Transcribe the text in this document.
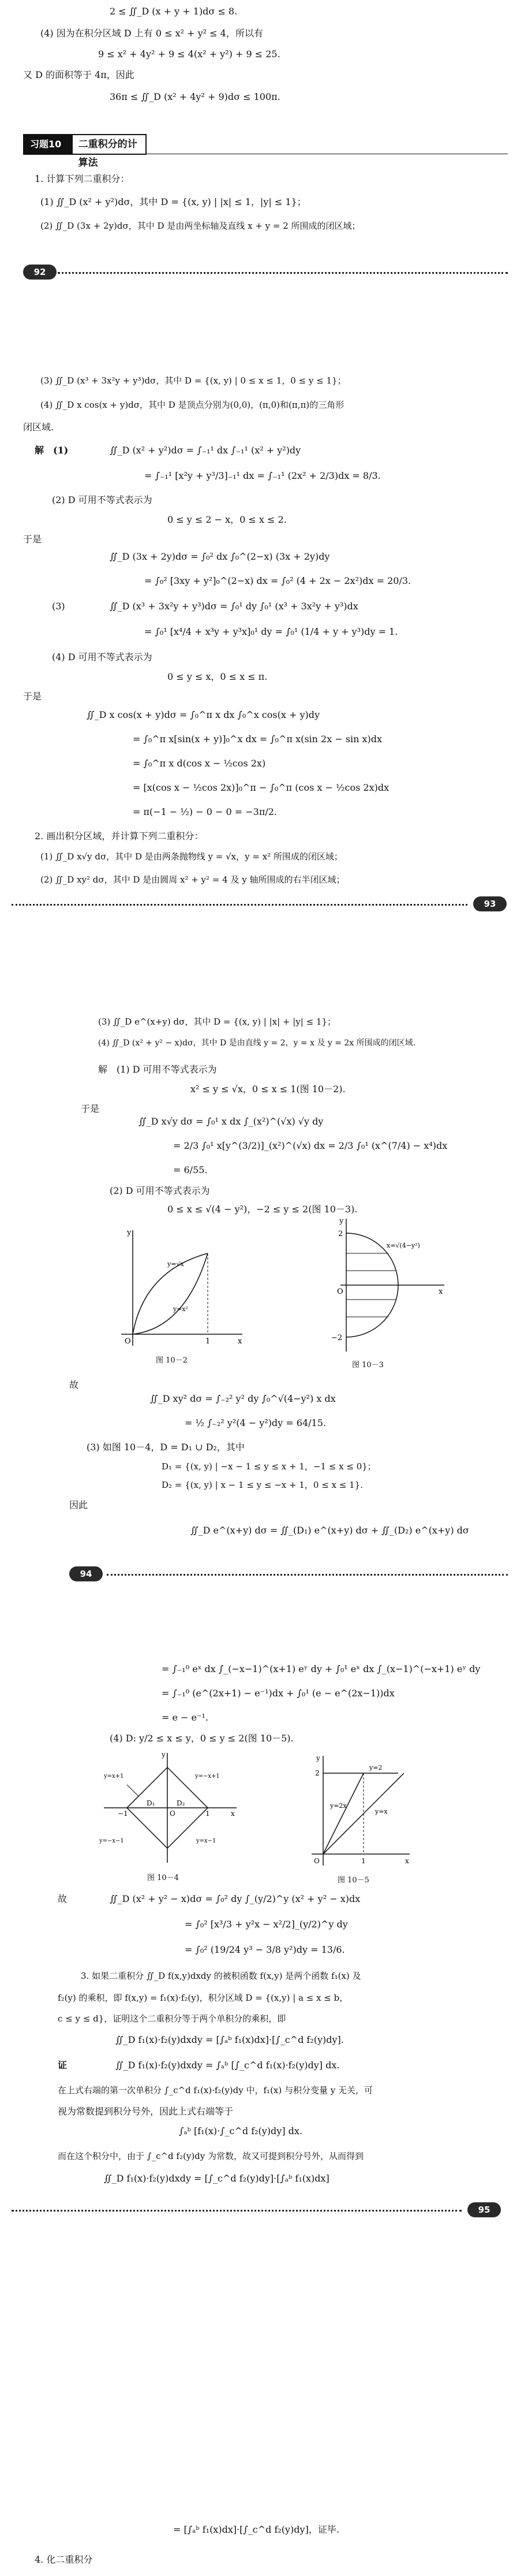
2 ≤ ∬_D (x + y + 1)dσ ≤ 8.
(4) 因为在积分区域 D 上有 0 ≤ x² + y² ≤ 4，所以有
9 ≤ x² + 4y² + 9 ≤ 4(x² + y²) + 9 ≤ 25.
又 D 的面积等于 4π，因此
36π ≤ ∬_D (x² + 4y² + 9)dσ ≤ 100π.
习题10－2
二重积分的计算法
1. 计算下列二重积分：
(1) ∬_D (x² + y²)dσ，其中 D = {(x, y) | |x| ≤ 1，|y| ≤ 1}；
(2) ∬_D (3x + 2y)dσ，其中 D 是由两坐标轴及直线 x + y = 2 所围成的闭区域；
92
(3) ∬_D (x³ + 3x²y + y³)dσ，其中 D = {(x, y) | 0 ≤ x ≤ 1，0 ≤ y ≤ 1}；
(4) ∬_D x cos(x + y)dσ，其中 D 是顶点分别为(0,0)，(π,0)和(π,π)的三角形
闭区域.
解　(1)	∬_D (x² + y²)dσ = ∫₋₁¹ dx ∫₋₁¹ (x² + y²)dy
= ∫₋₁¹ [x²y + y³/3]₋₁¹ dx = ∫₋₁¹ (2x² + 2/3)dx = 8/3.
(2) D 可用不等式表示为
0 ≤ y ≤ 2 − x，0 ≤ x ≤ 2.
于是
∬_D (3x + 2y)dσ = ∫₀² dx ∫₀^(2−x) (3x + 2y)dy
= ∫₀² [3xy + y²]₀^(2−x) dx = ∫₀² (4 + 2x − 2x²)dx = 20/3.
(3)	∬_D (x³ + 3x²y + y³)dσ = ∫₀¹ dy ∫₀¹ (x³ + 3x²y + y³)dx
= ∫₀¹ [x⁴/4 + x³y + y³x]₀¹ dy = ∫₀¹ (1/4 + y + y³)dy = 1.
(4) D 可用不等式表示为
0 ≤ y ≤ x，0 ≤ x ≤ π.
于是
∬_D x cos(x + y)dσ = ∫₀^π x dx ∫₀^x cos(x + y)dy
= ∫₀^π x[sin(x + y)]₀^x dx = ∫₀^π x(sin 2x − sin x)dx
= ∫₀^π x d(cos x − ½cos 2x)
= [x(cos x − ½cos 2x)]₀^π − ∫₀^π (cos x − ½cos 2x)dx
= π(−1 − ½) − 0 − 0 = −3π/2.
2. 画出积分区域，并计算下列二重积分：
(1) ∬_D x√y dσ，其中 D 是由两条抛物线 y = √x，y = x² 所围成的闭区域；
(2) ∬_D xy² dσ，其中 D 是由圆周 x² + y² = 4 及 y 轴所围成的右半闭区域；
93
(3) ∬_D e^(x+y) dσ，其中 D = {(x, y) | |x| + |y| ≤ 1}；
(4) ∬_D (x² + y² − x)dσ，其中 D 是由直线 y = 2，y = x 及 y = 2x 所围成的闭区域.
解　(1) D 可用不等式表示为
x² ≤ y ≤ √x，0 ≤ x ≤ 1(图 10－2).
于是
∬_D x√y dσ = ∫₀¹ x dx ∫_(x²)^(√x) √y dy
= 2/3 ∫₀¹ x[y^(3/2)]_(x²)^(√x) dx = 2/3 ∫₀¹ (x^(7/4) − x⁴)dx
= 6/55.
(2) D 可用不等式表示为
0 ≤ x ≤ √(4 − y²)，−2 ≤ y ≤ 2(图 10－3).
y
x
O	1
y=√x
y=x²
图 10－2
y
x
O
2
−2
x=√(4−y²)
图 10－3
故
∬_D xy² dσ = ∫₋₂² y² dy ∫₀^√(4−y²) x dx
= ½ ∫₋₂² y²(4 − y²)dy = 64/15.
(3) 如图 10－4，D = D₁ ∪ D₂，其中
D₁ = {(x, y) | −x − 1 ≤ y ≤ x + 1，−1 ≤ x ≤ 0}；
D₂ = {(x, y) | x − 1 ≤ y ≤ −x + 1，0 ≤ x ≤ 1}.
因此
∬_D e^(x+y) dσ = ∬_(D₁) e^(x+y) dσ + ∬_(D₂) e^(x+y) dσ
94
= ∫₋₁⁰ eˣ dx ∫_(−x−1)^(x+1) eʸ dy + ∫₀¹ eˣ dx ∫_(x−1)^(−x+1) eʸ dy
= ∫₋₁⁰ (e^(2x+1) − e⁻¹)dx + ∫₀¹ (e − e^(2x−1))dx
= e − e⁻¹.
(4) D: y/2 ≤ x ≤ y，0 ≤ y ≤ 2(图 10－5).
y
x
O	1
−1
D₁	D₂
y=x+1	y=−x+1
y=−x−1	y=x−1
图 10－4
y
x
O	1
2
y=2
y=x
y=2x
图 10－5
故	∬_D (x² + y² − x)dσ = ∫₀² dy ∫_(y/2)^y (x² + y² − x)dx
= ∫₀² [x³/3 + y²x − x²/2]_(y/2)^y dy
= ∫₀² (19/24 y³ − 3/8 y²)dy = 13/6.
3. 如果二重积分 ∬_D f(x,y)dxdy 的被积函数 f(x,y) 是两个函数 f₁(x) 及
f₂(y) 的乘积，即 f(x,y) = f₁(x)·f₂(y)，积分区域 D = {(x,y) | a ≤ x ≤ b，
c ≤ y ≤ d}，证明这个二重积分等于两个单积分的乘积，即
∬_D f₁(x)·f₂(y)dxdy = [∫ₐᵇ f₁(x)dx]·[∫_c^d f₂(y)dy].
证	∬_D f₁(x)·f₂(y)dxdy = ∫ₐᵇ [∫_c^d f₁(x)·f₂(y)dy] dx.
在上式右端的第一次单积分 ∫_c^d f₁(x)·f₂(y)dy 中，f₁(x) 与积分变量 y 无关，可
视为常数提到积分号外，因此上式右端等于
∫ₐᵇ [f₁(x)·∫_c^d f₂(y)dy] dx.
而在这个积分中，由于 ∫_c^d f₂(y)dy 为常数，故又可提到积分号外，从而得到
∬_D f₁(x)·f₂(y)dxdy = [∫_c^d f₂(y)dy]·[∫ₐᵇ f₁(x)dx]
95
= [∫ₐᵇ f₁(x)dx]·[∫_c^d f₂(y)dy]，证毕.
4. 化二重积分
